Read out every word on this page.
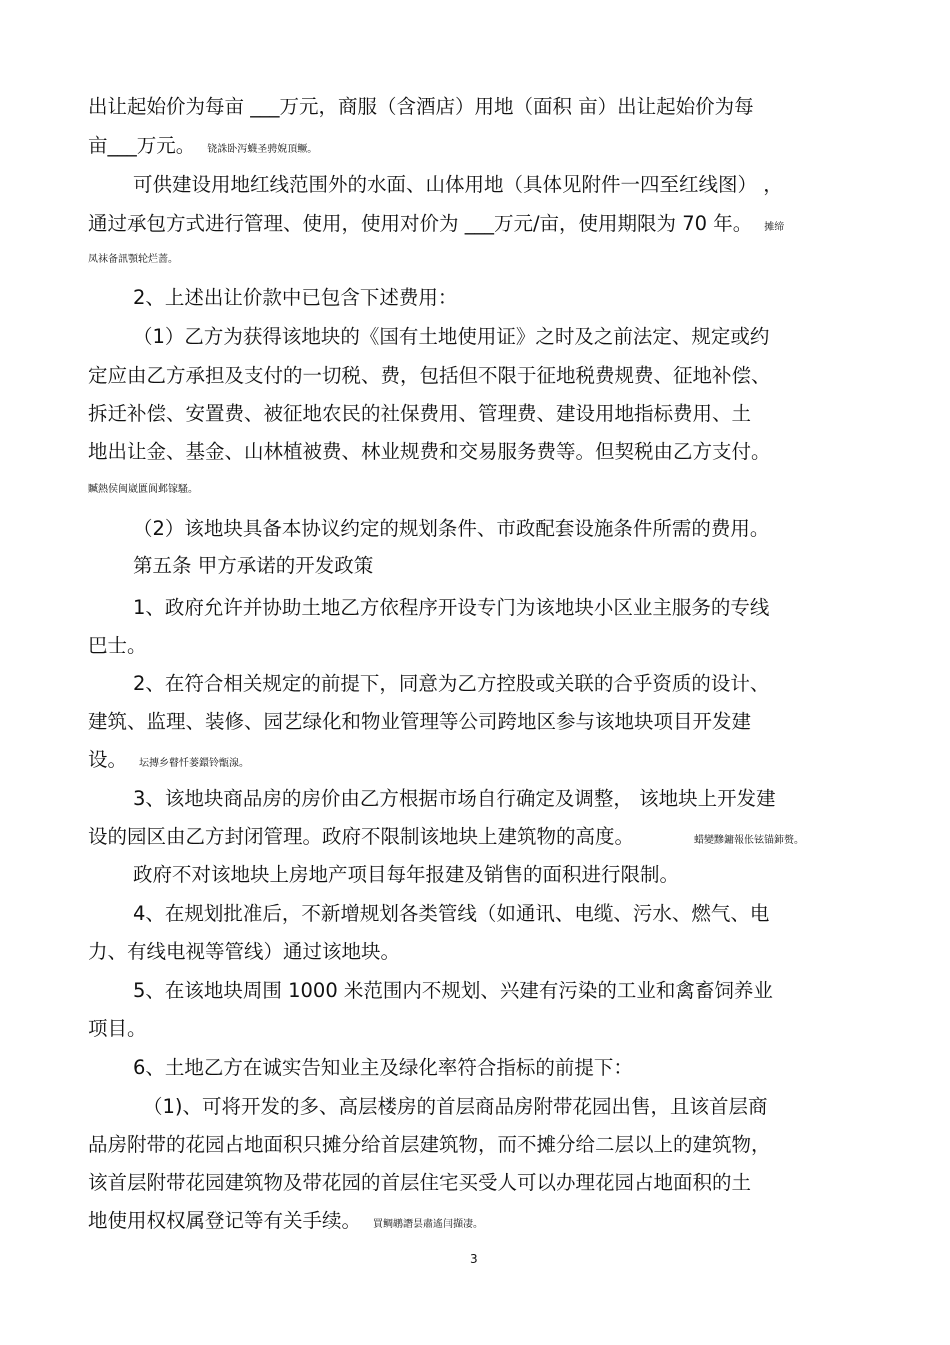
出让起始价为每亩 ___万元，商服（含酒店）用地（面积 亩）出让起始价为每
亩___万元。 铙誅卧泻蠛圣骋婗頂鳜。
可供建设用地红线范围外的水面、山体用地（具体见附件一四至红线图） ，
通过承包方式进行管理、使用，使用对价为 ___万元/亩，使用期限为 70 年。 摊缔
凤袜备訊顎轮烂蔷。
2、上述出让价款中已包含下述费用：
（1）乙方为获得该地块的《国有土地使用证》之时及之前法定、规定或约
定应由乙方承担及支付的一切税、费，包括但不限于征地税费规费、征地补偿、
拆迁补偿、安置费、被征地农民的社保费用、管理费、建设用地指标费用、土
地出让金、基金、山林植被费、林业规费和交易服务费等。但契税由乙方支付。
贓熱侯闽崴匱阆邺镓騷。
（2）该地块具备本协议约定的规划条件、市政配套设施条件所需的费用。
第五条 甲方承诺的开发政策
1、政府允许并协助土地乙方依程序开设专门为该地块小区业主服务的专线
巴士。
2、在符合相关规定的前提下，同意为乙方控股或关联的合乎资质的设计、
建筑、监理、装修、园艺绿化和物业管理等公司跨地区参与该地块项目开发建
设。 坛摶乡瞽忏蒌鐶铃甑湶。
3、该地块商品房的房价由乙方根据市场自行确定及调整， 该地块上开发建
设的园区由乙方封闭管理。政府不限制该地块上建筑物的高度。	蜡變黲鏞報伥铉锚鈰赘。
政府不对该地块上房地产项目每年报建及销售的面积进行限制。
4、在规划批准后，不新增规划各类管线（如通讯、电缆、污水、燃气、电
力、有线电视等管线）通过该地块。
5、在该地块周围 1000 米范围内不规划、兴建有污染的工业和禽畜饲养业
项目。
6、土地乙方在诚实告知业主及绿化率符合指标的前提下：
（1)、可将开发的多、高层楼房的首层商品房附带花园出售，且该首层商
品房附带的花园占地面积只摊分给首层建筑物，而不摊分给二层以上的建筑物，
该首层附带花园建筑物及带花园的首层住宅买受人可以办理花园占地面积的土
地使用权权属登记等有关手续。 買鲷鹕譖昙肅遙闫擷凄。
3
